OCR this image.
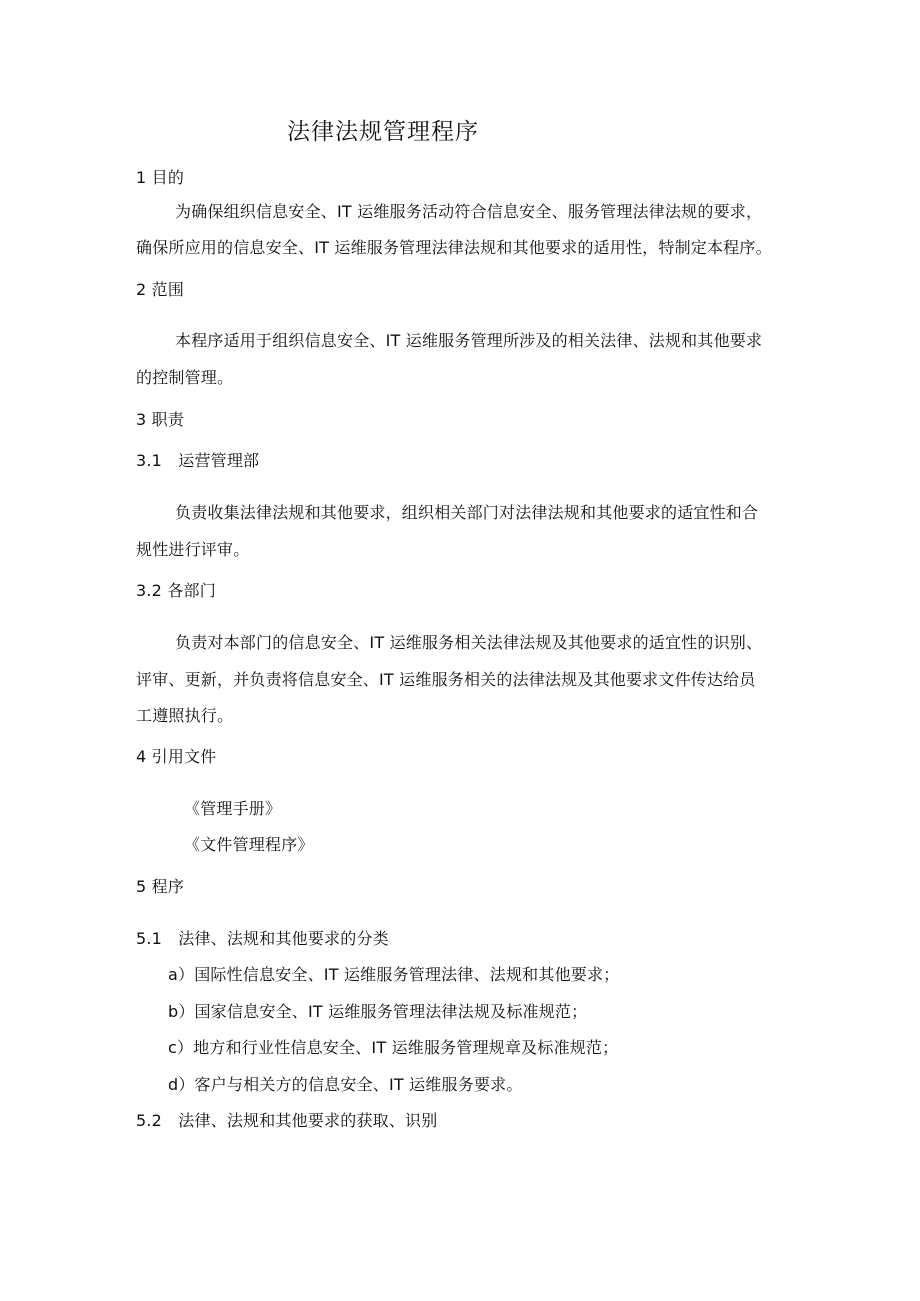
法律法规管理程序
1 目的
为确保组织信息安全、IT 运维服务活动符合信息安全、服务管理法律法规的要求，
确保所应用的信息安全、IT 运维服务管理法律法规和其他要求的适用性，特制定本程序。
2 范围
本程序适用于组织信息安全、IT 运维服务管理所涉及的相关法律、法规和其他要求
的控制管理。
3 职责
3.1　运营管理部
负责收集法律法规和其他要求，组织相关部门对法律法规和其他要求的适宜性和合
规性进行评审。
3.2 各部门
负责对本部门的信息安全、IT 运维服务相关法律法规及其他要求的适宜性的识别、
评审、更新，并负责将信息安全、IT 运维服务相关的法律法规及其他要求文件传达给员
工遵照执行。
4 引用文件
《管理手册》
《文件管理程序》
5 程序
5.1　法律、法规和其他要求的分类
a）国际性信息安全、IT 运维服务管理法律、法规和其他要求；
b）国家信息安全、IT 运维服务管理法律法规及标准规范；
c）地方和行业性信息安全、IT 运维服务管理规章及标准规范；
d）客户与相关方的信息安全、IT 运维服务要求。
5.2　法律、法规和其他要求的获取、识别
